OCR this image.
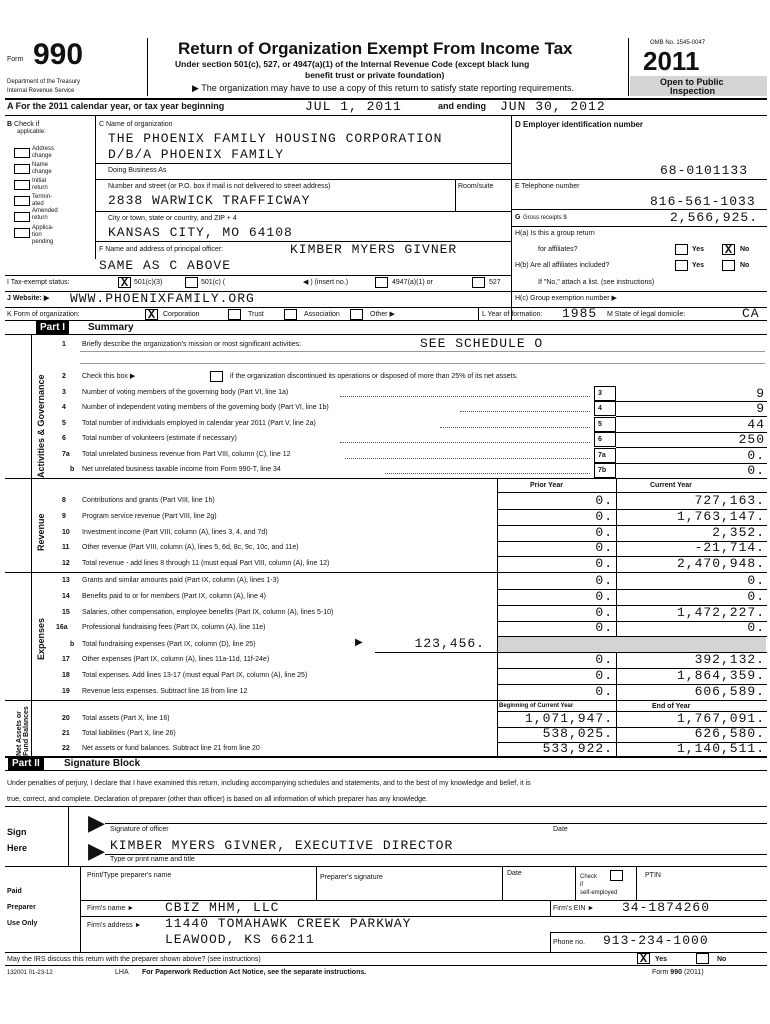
Form 990
Department of the Treasury
Internal Revenue Service
Return of Organization Exempt From Income Tax
Under section 501(c), 527, or 4947(a)(1) of the Internal Revenue Code (except black lung
benefit trust or private foundation)
▶ The organization may have to use a copy of this return to satisfy state reporting requirements.
OMB No. 1545-0047
2011
Open to Public
Inspection
A For the 2011 calendar year, or tax year beginning	JUL 1, 2011	and ending JUN 30, 2012
B Check if
applicable:
Address change
Name change
Initial return
Termin-ated
Amended return
Applica-tion pending
C Name of organization
THE PHOENIX FAMILY HOUSING CORPORATION
D/B/A PHOENIX FAMILY
Doing Business As
Number and street (or P.O. box if mail is not delivered to street address)	Room/suite
2838 WARWICK TRAFFICWAY
City or town, state or country, and ZIP + 4
KANSAS CITY, MO 64108
F Name and address of principal officer:	KIMBER MYERS GIVNER
SAME AS C ABOVE
D Employer identification number
68-0101133
E Telephone number
816-561-1033
G Gross receipts $	2,566,925.
H(a) Is this a group return
for affiliates?	Yes X	No
H(b) Are all affiliates included?	Yes	No
If "No," attach a list. (see instructions)
H(c) Group exemption number ▶
I Tax-exempt status:	X 501(c)(3)	501(c) (	◀ ) (insert no.)	4947(a)(1) or	527
J Website: ▶ WWW.PHOENIXFAMILY.ORG
K Form of organization:	X	Corporation	Trust	Association	Other ▶	L Year of formation: 1985 M State of legal domicile:	CA
Part I	Summary
Activities & Governance
Revenue
Expenses
Net Assets or Fund Balances
1 Briefly describe the organization's mission or most significant activities:	SEE SCHEDULE O
2 Check this box ▶	if the organization discontinued its operations or disposed of more than 25% of its net assets.
Prior Year	Current Year
b Total fundraising expenses (Part IX, column (D), line 25)	▶	123,456.
Beginning of Current Year	End of Year
Part II	Signature Block
Under penalties of perjury, I declare that I have examined this return, including accompanying schedules and statements, and to the best of my knowledge and belief, it is
true, correct, and complete. Declaration of preparer (other than officer) is based on all information of which preparer has any knowledge.
Sign
Here
▶
▶
Signature of officer	Date
KIMBER MYERS GIVNER, EXECUTIVE DIRECTOR
Type or print name and title
Paid
Preparer
Use Only
Print/Type preparer's name	Preparer's signature
Date	Check
if
self-employed
PTIN
Firm's name ► CBIZ MHM, LLC	Firm's EIN ► 34-1874260
Firm's address ► 11440 TOMAHAWK CREEK PARKWAY
LEAWOOD, KS 66211	Phone no. 913-234-1000
May the IRS discuss this return with the preparer shown above? (see instructions)	X	Yes	No
132001 01-23-12	LHA For Paperwork Reduction Act Notice, see the separate instructions.	Form 990 (2011)
3 Number of voting members of the governing body (Part VI, line 1a)	3	9
4 Number of independent voting members of the governing body (Part VI, line 1b)	4	9
5 Total number of individuals employed in calendar year 2011 (Part V, line 2a)	5	44
6 Total number of volunteers (estimate if necessary)	6	250
7a Total unrelated business revenue from Part VIII, column (C), line 12	7a	0.
b Net unrelated business taxable income from Form 990-T, line 34	7b	0.
8 Contributions and grants (Part VIII, line 1h)	0.	727,163.
9 Program service revenue (Part VIII, line 2g)	0.	1,763,147.
10 Investment income (Part VIII, column (A), lines 3, 4, and 7d)	0.	2,352.
11 Other revenue (Part VIII, column (A), lines 5, 6d, 8c, 9c, 10c, and 11e)	0.	-21,714.
12 Total revenue - add lines 8 through 11 (must equal Part VIII, column (A), line 12)	0.	2,470,948.
13 Grants and similar amounts paid (Part IX, column (A), lines 1-3)	0.	0.
14 Benefits paid to or for members (Part IX, column (A), line 4)	0.	0.
15 Salaries, other compensation, employee benefits (Part IX, column (A), lines 5-10)	0.	1,472,227.
16a Professional fundraising fees (Part IX, column (A), line 11e)	0.	0.
17 Other expenses (Part IX, column (A), lines 11a-11d, 11f-24e)	0.	392,132.
18 Total expenses. Add lines 13-17 (must equal Part IX, column (A), line 25)	0.	1,864,359.
19 Revenue less expenses. Subtract line 18 from line 12	0.	606,589.
20 Total assets (Part X, line 16)	1,071,947.	1,767,091.
21 Total liabilities (Part X, line 26)	538,025.	626,580.
22 Net assets or fund balances. Subtract line 21 from line 20	533,922.	1,140,511.
